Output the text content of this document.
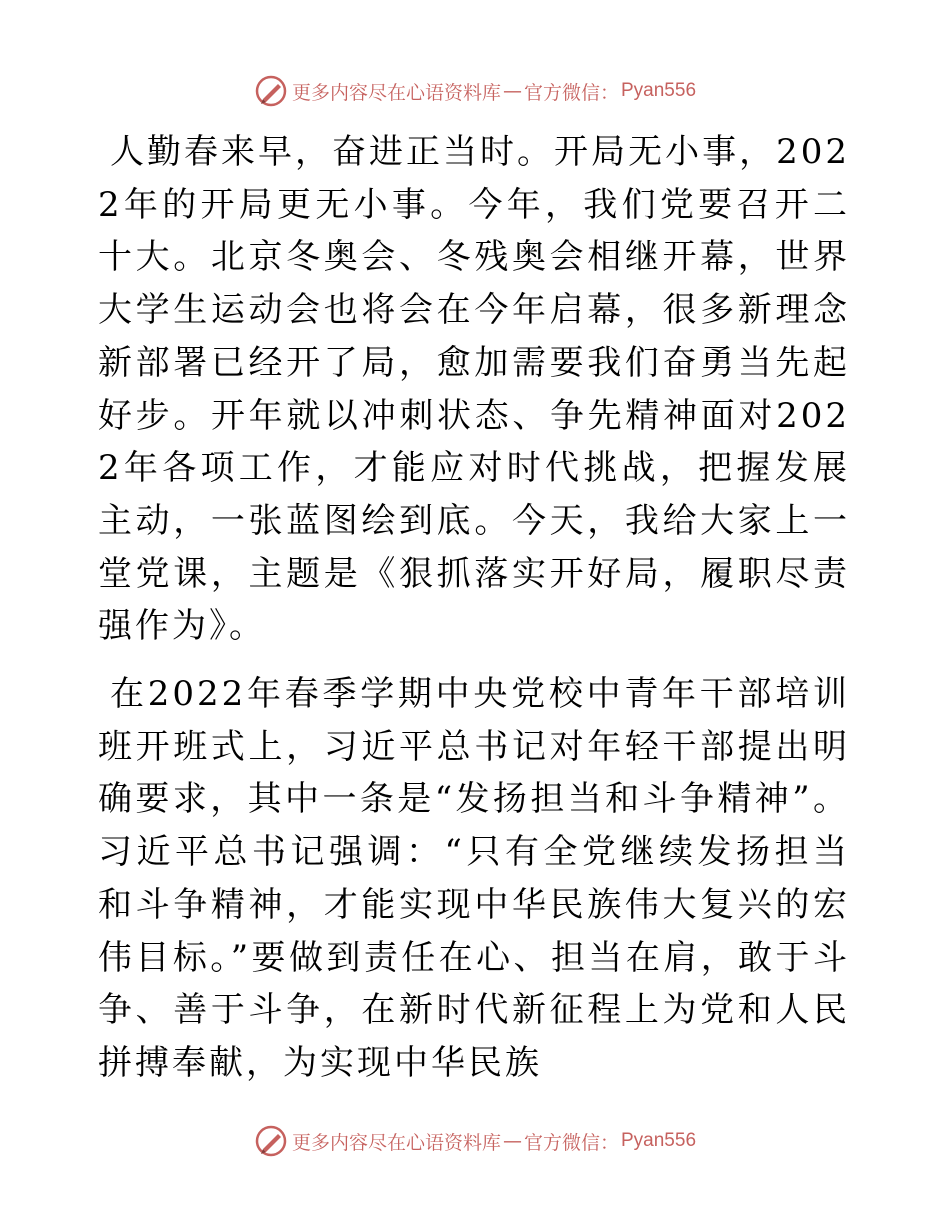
更多内容尽在心语资料库 — 官方微信： Pyan556

人勤春来早，奋进正当时。开局无小事，2022年的开局更无小事。今年，我们党要召开二十大。北京冬奥会、冬残奥会相继开幕，世界大学生运动会也将会在今年启幕，很多新理念新部署已经开了局，愈加需要我们奋勇当先起好步。开年就以冲刺状态、争先精神面对2022年各项工作，才能应对时代挑战，把握发展主动，一张蓝图绘到底。今天，我给大家上一堂党课，主题是《狠抓落实开好局，履职尽责强作为》。

在2022年春季学期中央党校中青年干部培训班开班式上，习近平总书记对年轻干部提出明确要求，其中一条是“发扬担当和斗争精神”。习近平总书记强调：“只有全党继续发扬担当和斗争精神，才能实现中华民族伟大复兴的宏伟目标。”要做到责任在心、担当在肩，敢于斗争、善于斗争，在新时代新征程上为党和人民拼搏奉献，为实现中华民族

更多内容尽在心语资料库 — 官方微信： Pyan556
